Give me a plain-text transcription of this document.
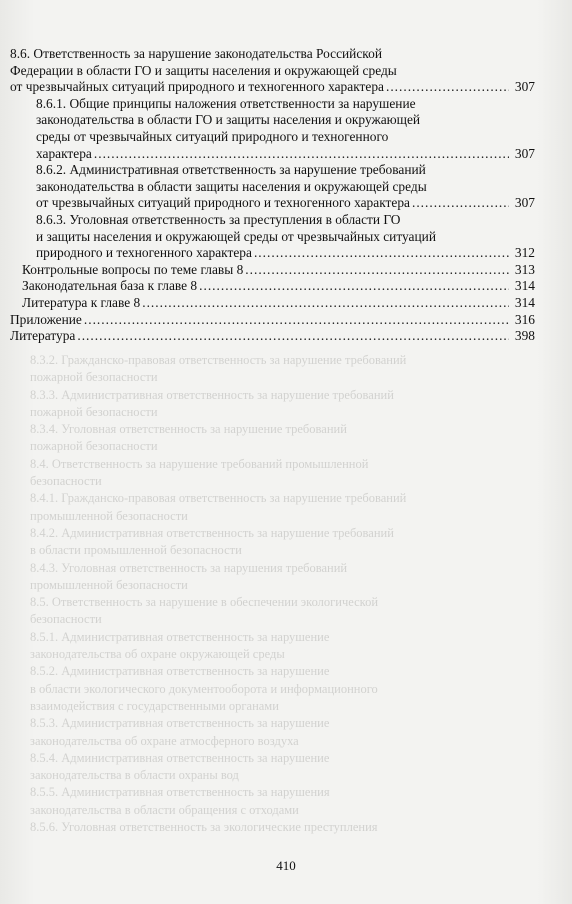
8.3.2. Гражданско-правовая ответственность за нарушение требований
пожарной безопасности
8.3.3. Административная ответственность за нарушение требований
пожарной безопасности
8.3.4. Уголовная ответственность за нарушение требований
пожарной безопасности
8.4. Ответственность за нарушение требований промышленной
безопасности
8.4.1. Гражданско-правовая ответственность за нарушение требований
промышленной безопасности
8.4.2. Административная ответственность за нарушение требований
в области промышленной безопасности
8.4.3. Уголовная ответственность за нарушения требований
промышленной безопасности
8.5. Ответственность за нарушение в обеспечении экологической
безопасности
8.5.1. Административная ответственность за нарушение
законодательства об охране окружающей среды
8.5.2. Административная ответственность за нарушение
в области экологического документооборота и информационного
взаимодействия с государственными органами
8.5.3. Административная ответственность за нарушение
законодательства об охране атмосферного воздуха
8.5.4. Административная ответственность за нарушение
законодательства в области охраны вод
8.5.5. Административная ответственность за нарушения
законодательства в области обращения с отходами
8.5.6. Уголовная ответственность за экологические преступления
8.6. Ответственность за нарушение законодательства Российской
Федерации в области ГО и защиты населения и окружающей среды
от чрезвычайных ситуаций природного и техногенного характера .....	307
8.6.1. Общие принципы наложения ответственности за нарушение
законодательства в области ГО и защиты населения и окружающей
среды от чрезвычайных ситуаций природного и техногенного
характера .....	307
8.6.2. Административная ответственность за нарушение требований
законодательства в области защиты населения и окружающей среды
от чрезвычайных ситуаций природного и техногенного характера .....	307
8.6.3. Уголовная ответственность за преступления в области ГО
и защиты населения и окружающей среды от чрезвычайных ситуаций
природного и техногенного характера .....	312
Контрольные вопросы по теме главы 8 .....	313
Законодательная база к главе 8 .....	314
Литература к главе 8 .....	314
Приложение .....	316
Литература .....	398
410
